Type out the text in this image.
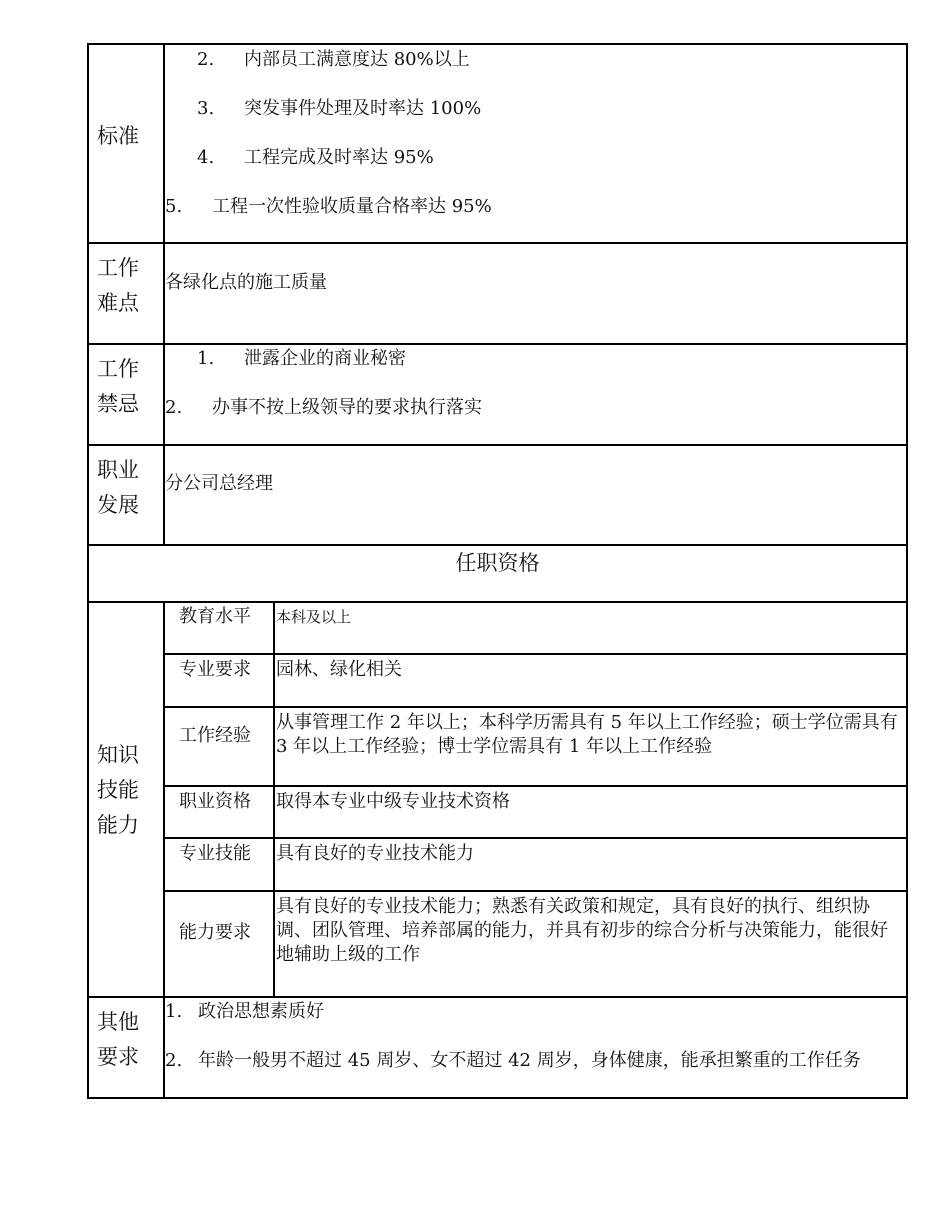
标准
2. 内部员工满意度达 80%以上
3. 突发事件处理及时率达 100%
4. 工程完成及时率达 95%
5. 工程一次性验收质量合格率达 95%
工作
难点
各绿化点的施工质量
工作
禁忌
1. 泄露企业的商业秘密
2. 办事不按上级领导的要求执行落实
职业
发展
分公司总经理
任职资格
知识
技能
能力
教育水平 本科及以上
专业要求 园林、绿化相关
工作经验
从事管理工作 2 年以上；本科学历需具有 5 年以上工作经验；硕士学位需具有 3 年以上工作经验；博士学位需具有 1 年以上工作经验
职业资格 取得本专业中级专业技术资格
专业技能 具有良好的专业技术能力
能力要求
具有良好的专业技术能力；熟悉有关政策和规定，具有良好的执行、组织协调、团队管理、培养部属的能力，并具有初步的综合分析与决策能力，能很好地辅助上级的工作
其他
要求
1. 政治思想素质好
2. 年龄一般男不超过 45 周岁、女不超过 42 周岁，身体健康，能承担繁重的工作任务
